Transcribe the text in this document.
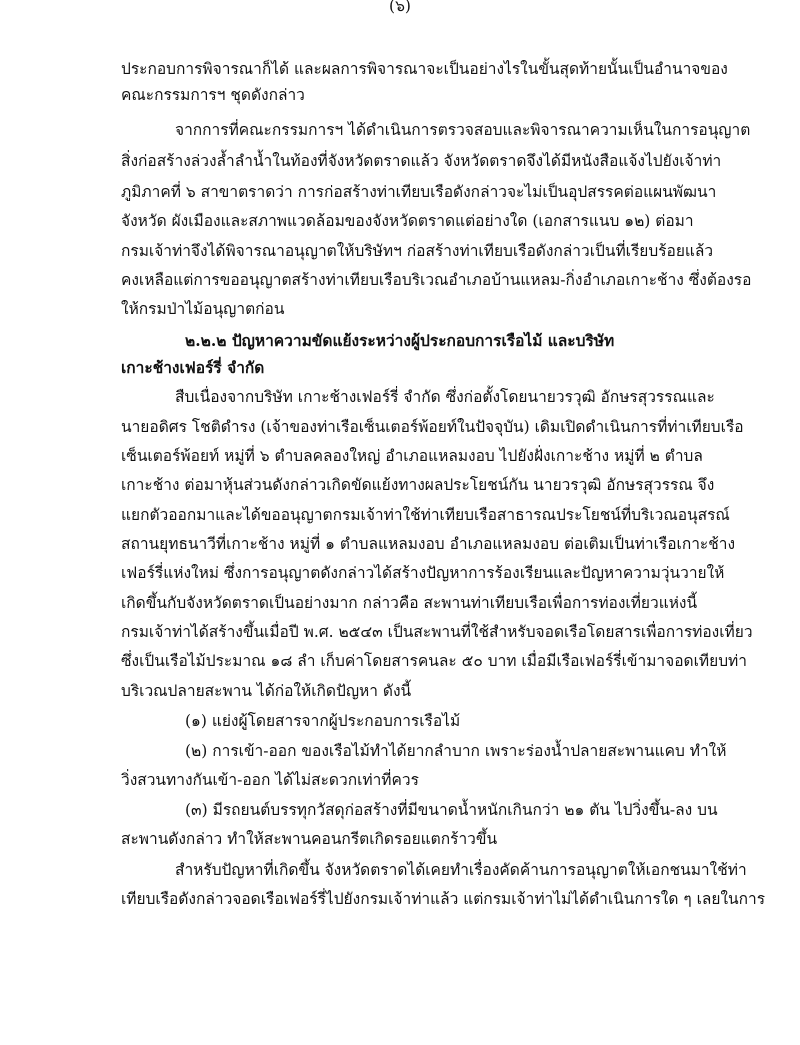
(๖)
ประกอบการพิจารณาก็ได้ และผลการพิจารณาจะเป็นอย่างไรในขั้นสุดท้ายนั้นเป็นอำนาจของ
คณะกรรมการฯ ชุดดังกล่าว
จากการที่คณะกรรมการฯ ได้ดำเนินการตรวจสอบและพิจารณาความเห็นในการอนุญาต
สิ่งก่อสร้างล่วงล้ำลำน้ำในท้องที่จังหวัดตราดแล้ว จังหวัดตราดจึงได้มีหนังสือแจ้งไปยังเจ้าท่า
ภูมิภาคที่ ๖ สาขาตราดว่า การก่อสร้างท่าเทียบเรือดังกล่าวจะไม่เป็นอุปสรรคต่อแผนพัฒนา
จังหวัด ผังเมืองและสภาพแวดล้อมของจังหวัดตราดแต่อย่างใด (เอกสารแนบ ๑๒) ต่อมา
กรมเจ้าท่าจึงได้พิจารณาอนุญาตให้บริษัทฯ ก่อสร้างท่าเทียบเรือดังกล่าวเป็นที่เรียบร้อยแล้ว
คงเหลือแต่การขออนุญาตสร้างท่าเทียบเรือบริเวณอำเภอบ้านแหลม-กิ่งอำเภอเกาะช้าง ซึ่งต้องรอ
ให้กรมป่าไม้อนุญาตก่อน
๒.๒.๒ ปัญหาความขัดแย้งระหว่างผู้ประกอบการเรือไม้ และบริษัท
เกาะช้างเฟอร์รี่ จำกัด
สืบเนื่องจากบริษัท เกาะช้างเฟอร์รี่ จำกัด ซึ่งก่อตั้งโดยนายวรวุฒิ อักษรสุวรรณและ
นายอดิศร โชติดำรง (เจ้าของท่าเรือเซ็นเตอร์พ้อยท์ในปัจจุบัน) เดิมเปิดดำเนินการที่ท่าเทียบเรือ
เซ็นเตอร์พ้อยท์ หมู่ที่ ๖ ตำบลคลองใหญ่ อำเภอแหลมงอบ ไปยังฝั่งเกาะช้าง หมู่ที่ ๒ ตำบล
เกาะช้าง ต่อมาหุ้นส่วนดังกล่าวเกิดขัดแย้งทางผลประโยชน์กัน นายวรวุฒิ อักษรสุวรรณ จึง
แยกตัวออกมาและได้ขออนุญาตกรมเจ้าท่าใช้ท่าเทียบเรือสาธารณประโยชน์ที่บริเวณอนุสรณ์
สถานยุทธนาวีที่เกาะช้าง หมู่ที่ ๑ ตำบลแหลมงอบ อำเภอแหลมงอบ ต่อเติมเป็นท่าเรือเกาะช้าง
เฟอร์รี่แห่งใหม่ ซึ่งการอนุญาตดังกล่าวได้สร้างปัญหาการร้องเรียนและปัญหาความวุ่นวายให้
เกิดขึ้นกับจังหวัดตราดเป็นอย่างมาก กล่าวคือ สะพานท่าเทียบเรือเพื่อการท่องเที่ยวแห่งนี้
กรมเจ้าท่าได้สร้างขึ้นเมื่อปี พ.ศ. ๒๕๔๓ เป็นสะพานที่ใช้สำหรับจอดเรือโดยสารเพื่อการท่องเที่ยว
ซึ่งเป็นเรือไม้ประมาณ ๑๘ ลำ เก็บค่าโดยสารคนละ ๕๐ บาท เมื่อมีเรือเฟอร์รี่เข้ามาจอดเทียบท่า
บริเวณปลายสะพาน ได้ก่อให้เกิดปัญหา ดังนี้
(๑) แย่งผู้โดยสารจากผู้ประกอบการเรือไม้
(๒) การเข้า-ออก ของเรือไม้ทำได้ยากลำบาก เพราะร่องน้ำปลายสะพานแคบ ทำให้
วิ่งสวนทางกันเข้า-ออก ได้ไม่สะดวกเท่าที่ควร
(๓) มีรถยนต์บรรทุกวัสดุก่อสร้างที่มีขนาดน้ำหนักเกินกว่า ๒๑ ตัน ไปวิ่งขึ้น-ลง บน
สะพานดังกล่าว ทำให้สะพานคอนกรีตเกิดรอยแตกร้าวขึ้น
สำหรับปัญหาที่เกิดขึ้น จังหวัดตราดได้เคยทำเรื่องคัดค้านการอนุญาตให้เอกชนมาใช้ท่า
เทียบเรือดังกล่าวจอดเรือเฟอร์รี่ไปยังกรมเจ้าท่าแล้ว แต่กรมเจ้าท่าไม่ได้ดำเนินการใด ๆ เลยในการ
